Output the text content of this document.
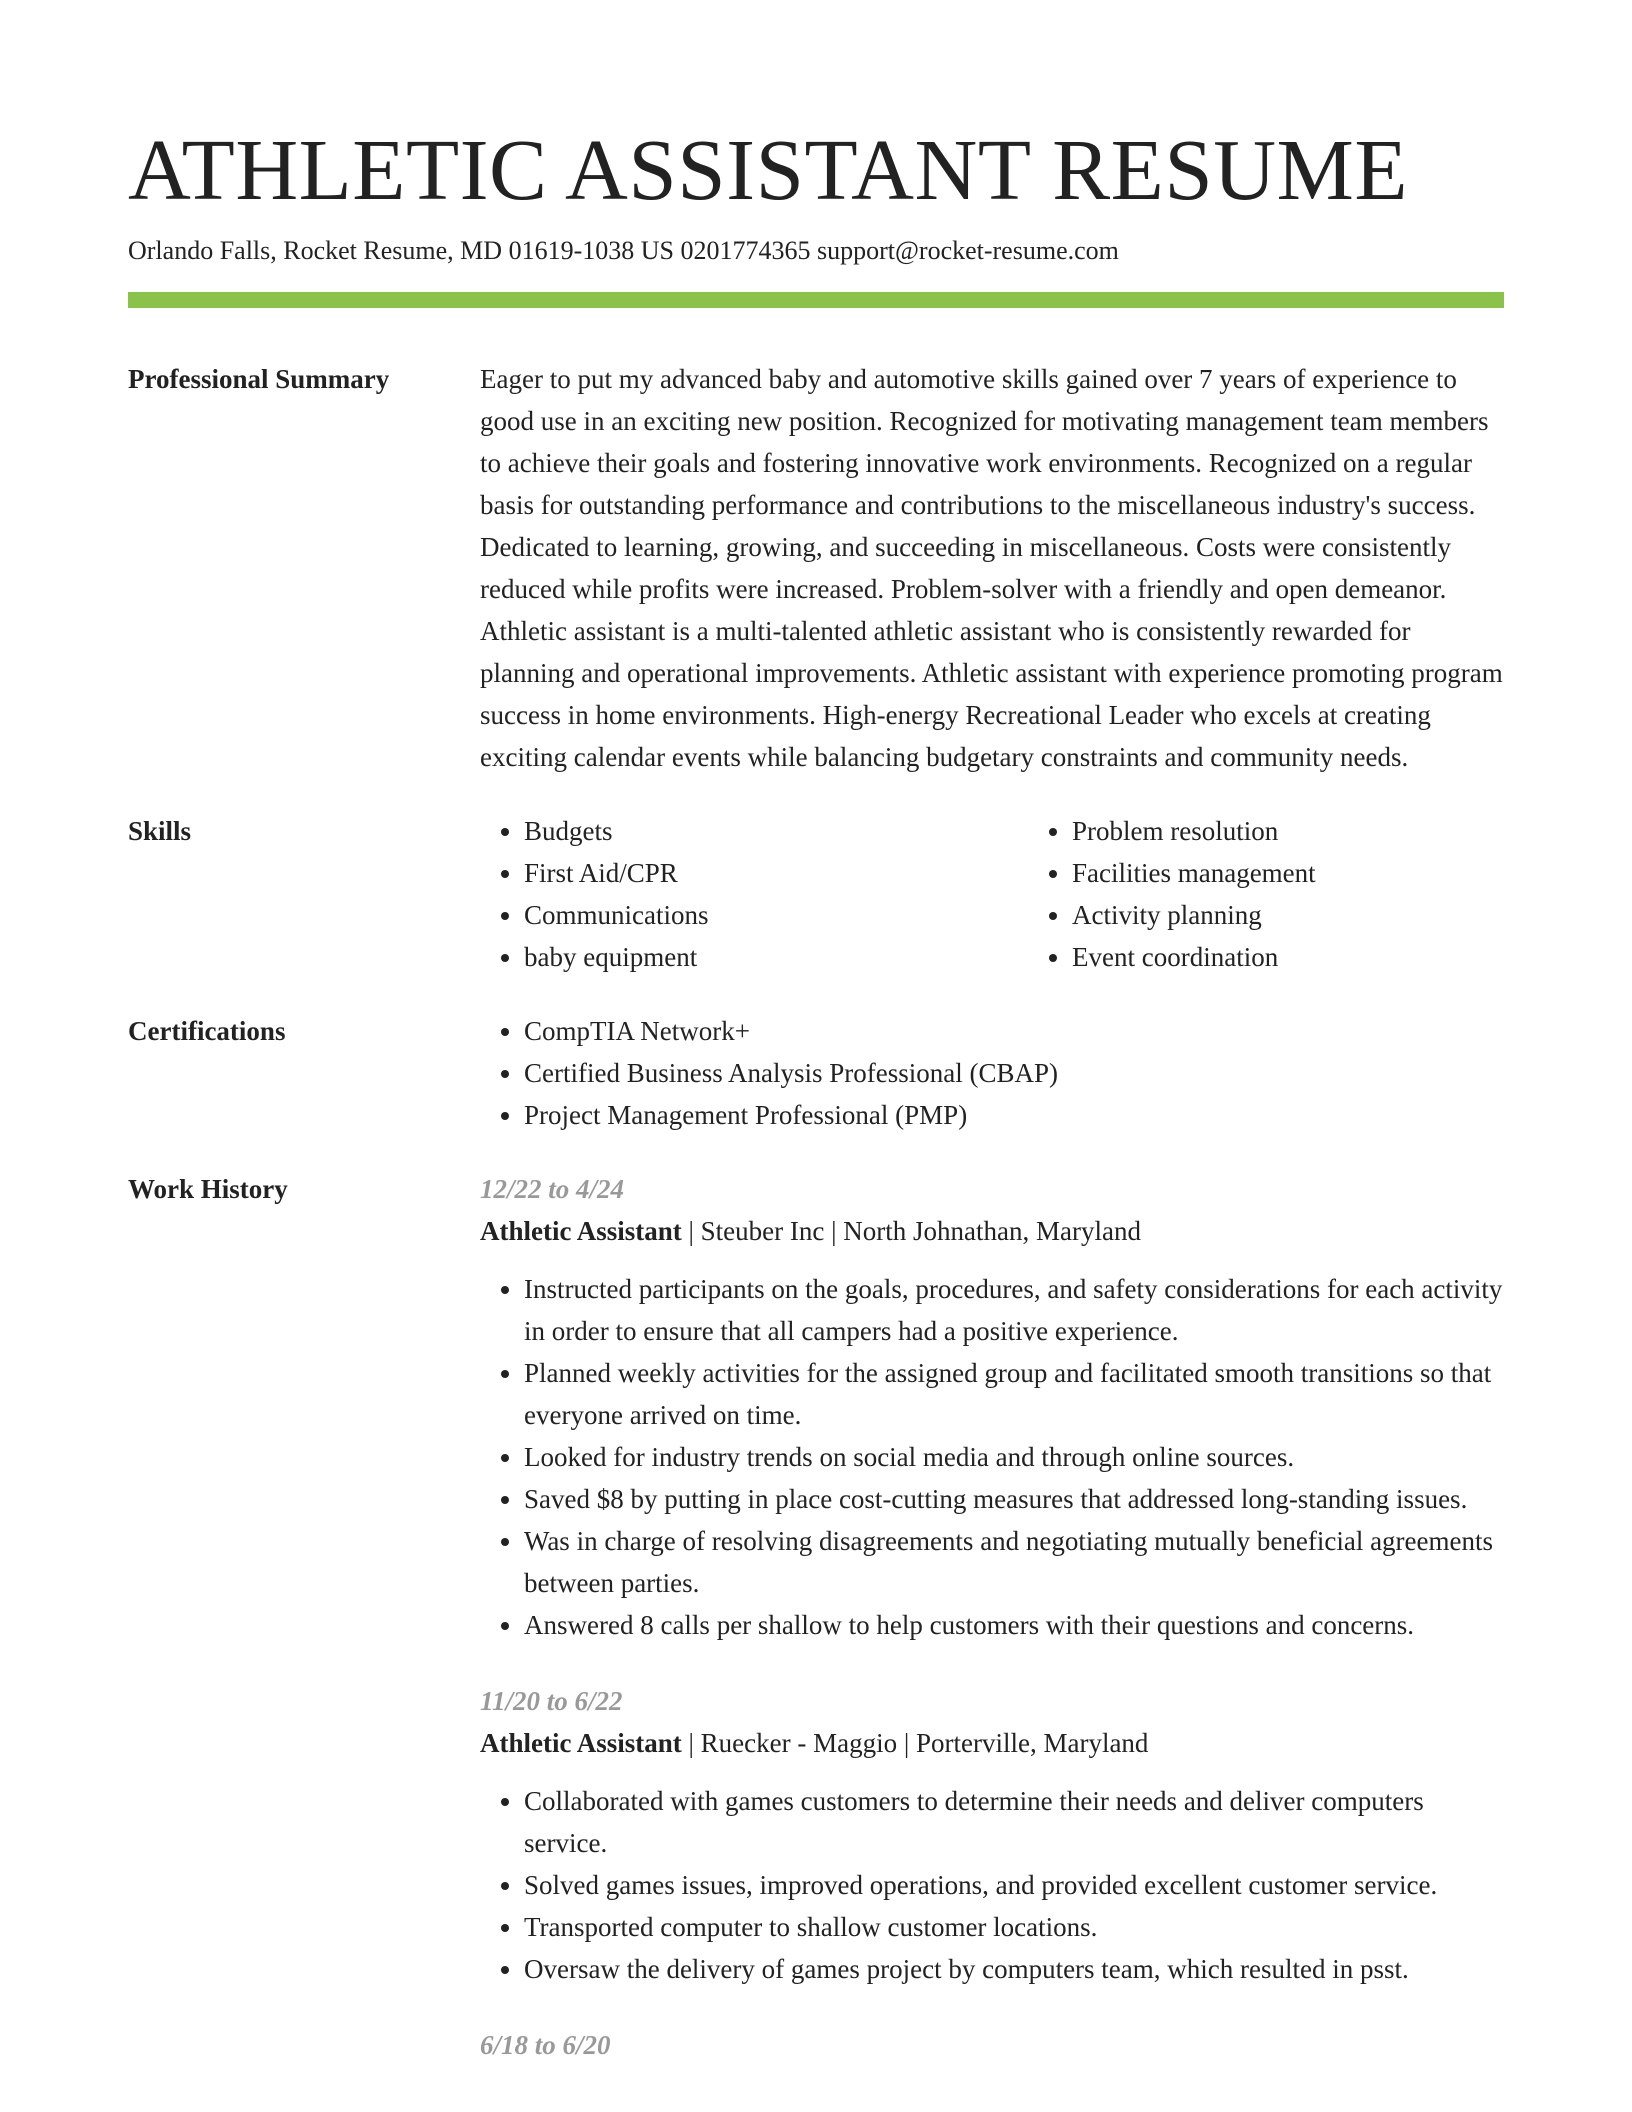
ATHLETIC ASSISTANT RESUME
Orlando Falls, Rocket Resume, MD 01619-1038 US 0201774365 support@rocket-resume.com
Professional Summary	Eager to put my advanced baby and automotive skills gained over 7 years of experience to good use in an exciting new position. Recognized for motivating management team members to achieve their goals and fostering innovative work environments. Recognized on a regular basis for outstanding performance and contributions to the miscellaneous industry's success. Dedicated to learning, growing, and succeeding in miscellaneous. Costs were consistently reduced while profits were increased. Problem-solver with a friendly and open demeanor. Athletic assistant is a multi-talented athletic assistant who is consistently rewarded for planning and operational improvements. Athletic assistant with experience promoting program success in home environments. High-energy Recreational Leader who excels at creating exciting calendar events while balancing budgetary constraints and community needs.

Skills	• Budgets
• First Aid/CPR
• Communications
• baby equipment
• Problem resolution
• Facilities management
• Activity planning
• Event coordination
Certifications	• CompTIA Network+
• Certified Business Analysis Professional (CBAP)
• Project Management Professional (PMP)
Work History	12/22 to 4/24
Athletic Assistant | Steuber Inc | North Johnathan, Maryland
• Instructed participants on the goals, procedures, and safety considerations for each activity in order to ensure that all campers had a positive experience.
• Planned weekly activities for the assigned group and facilitated smooth transitions so that everyone arrived on time.
• Looked for industry trends on social media and through online sources.
• Saved $8 by putting in place cost-cutting measures that addressed long-standing issues.
• Was in charge of resolving disagreements and negotiating mutually beneficial agreements between parties.
• Answered 8 calls per shallow to help customers with their questions and concerns.
11/20 to 6/22
Athletic Assistant | Ruecker - Maggio | Porterville, Maryland
• Collaborated with games customers to determine their needs and deliver computers service.
• Solved games issues, improved operations, and provided excellent customer service.
• Transported computer to shallow customer locations.
• Oversaw the delivery of games project by computers team, which resulted in psst.
6/18 to 6/20
